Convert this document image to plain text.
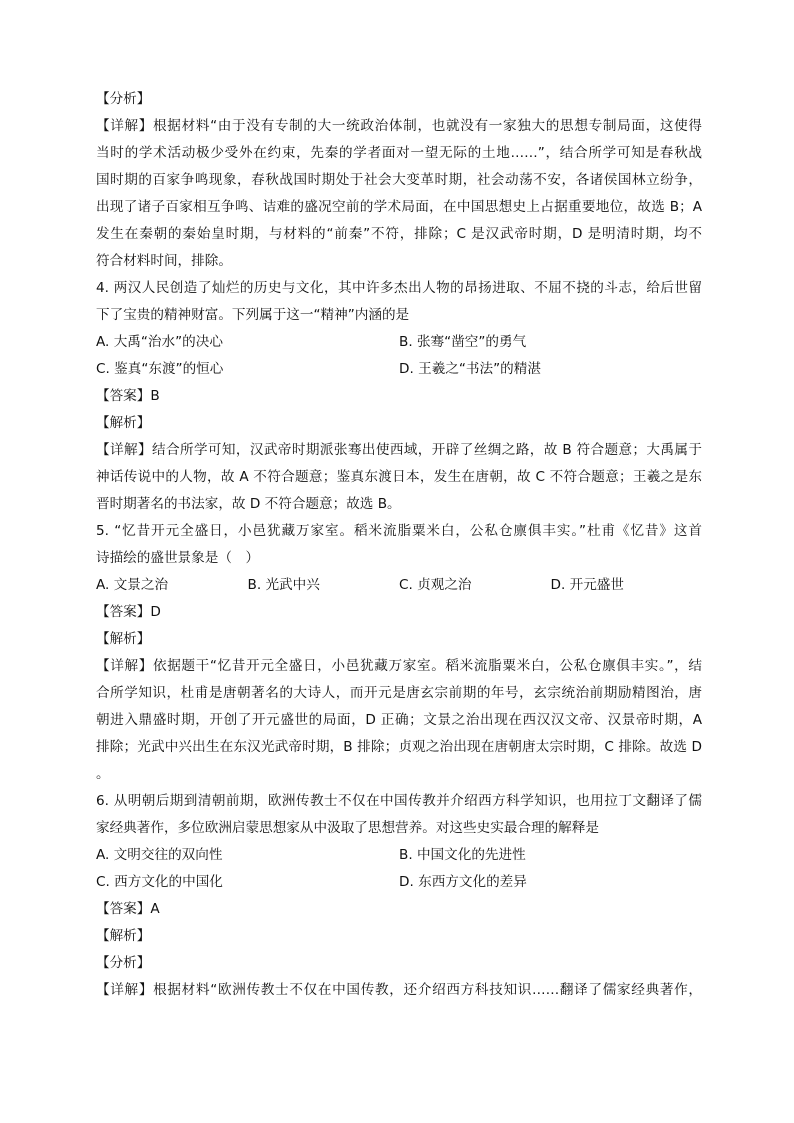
【分析】
【详解】根据材料“由于没有专制的大一统政治体制，也就没有一家独大的思想专制局面，这使得
当时的学术活动极少受外在约束，先秦的学者面对一望无际的土地……”，结合所学可知是春秋战
国时期的百家争鸣现象，春秋战国时期处于社会大变革时期，社会动荡不安，各诸侯国林立纷争，
出现了诸子百家相互争鸣、诘难的盛况空前的学术局面，在中国思想史上占据重要地位，故选 B；A
发生在秦朝的秦始皇时期，与材料的“前秦”不符，排除；C 是汉武帝时期，D 是明清时期，均不
符合材料时间，排除。
4. 两汉人民创造了灿烂的历史与文化，其中许多杰出人物的昂扬进取、不屈不挠的斗志，给后世留
下了宝贵的精神财富。下列属于这一“精神”内涵的是
A. 大禹“治水”的决心	B. 张骞“凿空”的勇气
C. 鉴真“东渡”的恒心	D. 王羲之“书法”的精湛
【答案】B
【解析】
【详解】结合所学可知，汉武帝时期派张骞出使西域，开辟了丝绸之路，故 B 符合题意；大禹属于
神话传说中的人物，故 A 不符合题意；鉴真东渡日本，发生在唐朝，故 C 不符合题意；王羲之是东
晋时期著名的书法家，故 D 不符合题意；故选 B。
5. “忆昔开元全盛日，小邑犹藏万家室。稻米流脂粟米白，公私仓廪俱丰实。”杜甫《忆昔》这首
诗描绘的盛世景象是（　）
A. 文景之治	B. 光武中兴	C. 贞观之治	D. 开元盛世
【答案】D
【解析】
【详解】依据题干“忆昔开元全盛日，小邑犹藏万家室。稻米流脂粟米白，公私仓廪俱丰实。”，结
合所学知识，杜甫是唐朝著名的大诗人，而开元是唐玄宗前期的年号，玄宗统治前期励精图治，唐
朝进入鼎盛时期，开创了开元盛世的局面，D 正确；文景之治出现在西汉汉文帝、汉景帝时期，A
排除；光武中兴出生在东汉光武帝时期，B 排除；贞观之治出现在唐朝唐太宗时期，C 排除。故选 D
。
6. 从明朝后期到清朝前期，欧洲传教士不仅在中国传教并介绍西方科学知识，也用拉丁文翻译了儒
家经典著作，多位欧洲启蒙思想家从中汲取了思想营养。对这些史实最合理的解释是
A. 文明交往的双向性	B. 中国文化的先进性
C. 西方文化的中国化	D. 东西方文化的差异
【答案】A
【解析】
【分析】
【详解】根据材料“欧洲传教士不仅在中国传教，还介绍西方科技知识……翻译了儒家经典著作，
